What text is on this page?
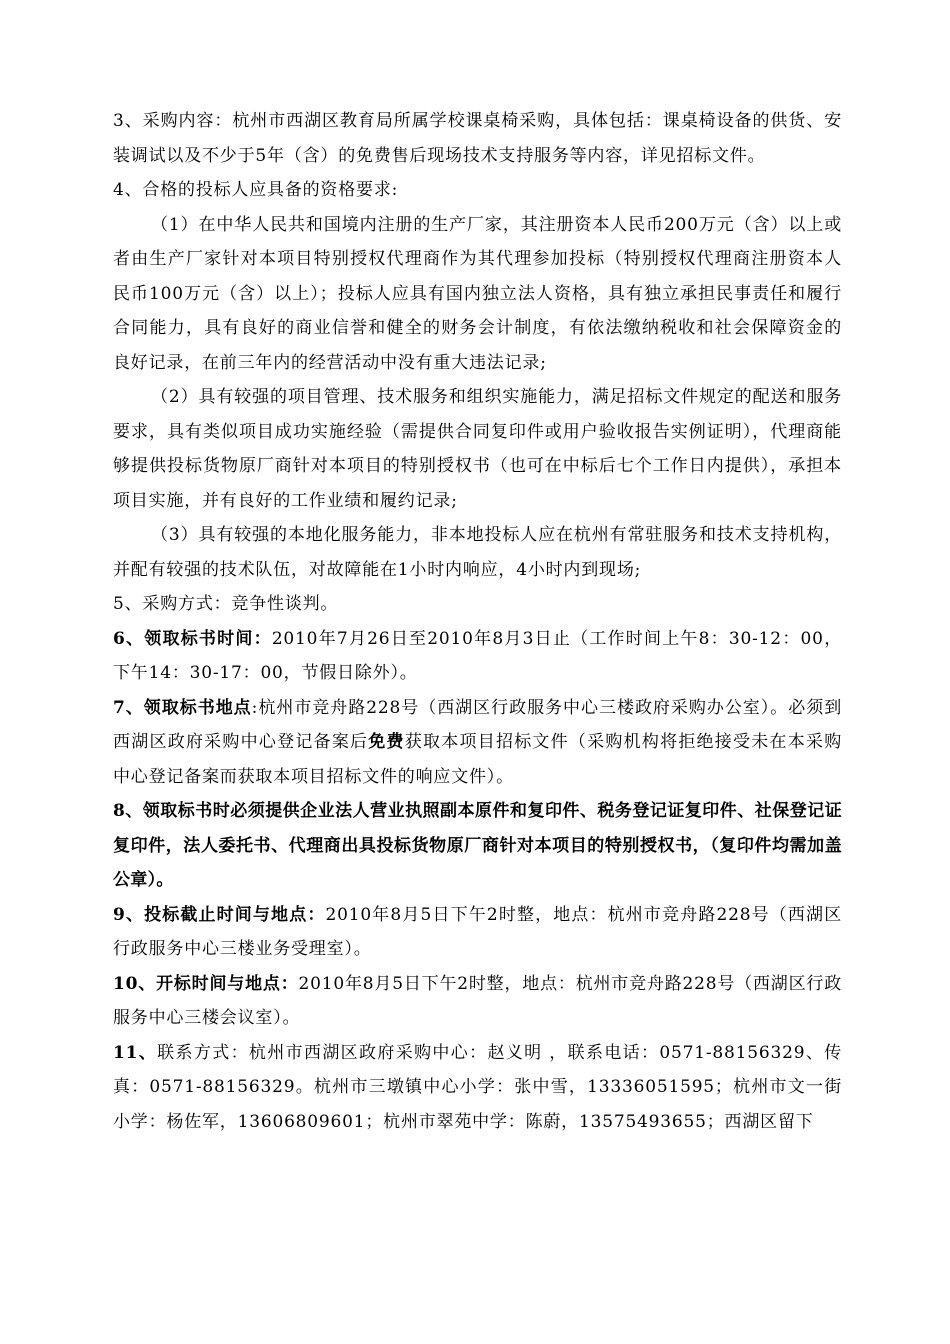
3、采购内容：杭州市西湖区教育局所属学校课桌椅采购，具体包括：课桌椅设备的供货、安装调试以及不少于5年（含）的免费售后现场技术支持服务等内容，详见招标文件。

4、合格的投标人应具备的资格要求:

（1）在中华人民共和国境内注册的生产厂家，其注册资本人民币200万元（含）以上或者由生产厂家针对本项目特别授权代理商作为其代理参加投标（特别授权代理商注册资本人民币100万元（含）以上）；投标人应具有国内独立法人资格，具有独立承担民事责任和履行合同能力，具有良好的商业信誉和健全的财务会计制度，有依法缴纳税收和社会保障资金的良好记录，在前三年内的经营活动中没有重大违法记录;

（2）具有较强的项目管理、技术服务和组织实施能力，满足招标文件规定的配送和服务要求，具有类似项目成功实施经验（需提供合同复印件或用户验收报告实例证明），代理商能够提供投标货物原厂商针对本项目的特别授权书（也可在中标后七个工作日内提供），承担本项目实施，并有良好的工作业绩和履约记录;

（3）具有较强的本地化服务能力，非本地投标人应在杭州有常驻服务和技术支持机构，并配有较强的技术队伍，对故障能在1小时内响应，4小时内到现场;

5、采购方式：竞争性谈判。

6、领取标书时间：2010年7月26日至2010年8月3日止（工作时间上午8：30-12：00，下午14：30-17：00，节假日除外）。

7、领取标书地点:杭州市竞舟路228号（西湖区行政服务中心三楼政府采购办公室）。必须到西湖区政府采购中心登记备案后免费获取本项目招标文件（采购机构将拒绝接受未在本采购中心登记备案而获取本项目招标文件的响应文件）。

8、领取标书时必须提供企业法人营业执照副本原件和复印件、税务登记证复印件、社保登记证复印件，法人委托书、代理商出具投标货物原厂商针对本项目的特别授权书，（复印件均需加盖公章）。

9、投标截止时间与地点：2010年8月5日下午2时整，地点：杭州市竞舟路228号（西湖区行政服务中心三楼业务受理室）。

10、开标时间与地点：2010年8月5日下午2时整，地点：杭州市竞舟路228号（西湖区行政服务中心三楼会议室）。

11、联系方式：杭州市西湖区政府采购中心：赵义明 ，联系电话：0571-88156329、传真：0571-88156329。杭州市三墩镇中心小学：张中雪，13336051595；杭州市文一街小学：杨佐军，13606809601；杭州市翠苑中学：陈蔚，13575493655；西湖区留下
